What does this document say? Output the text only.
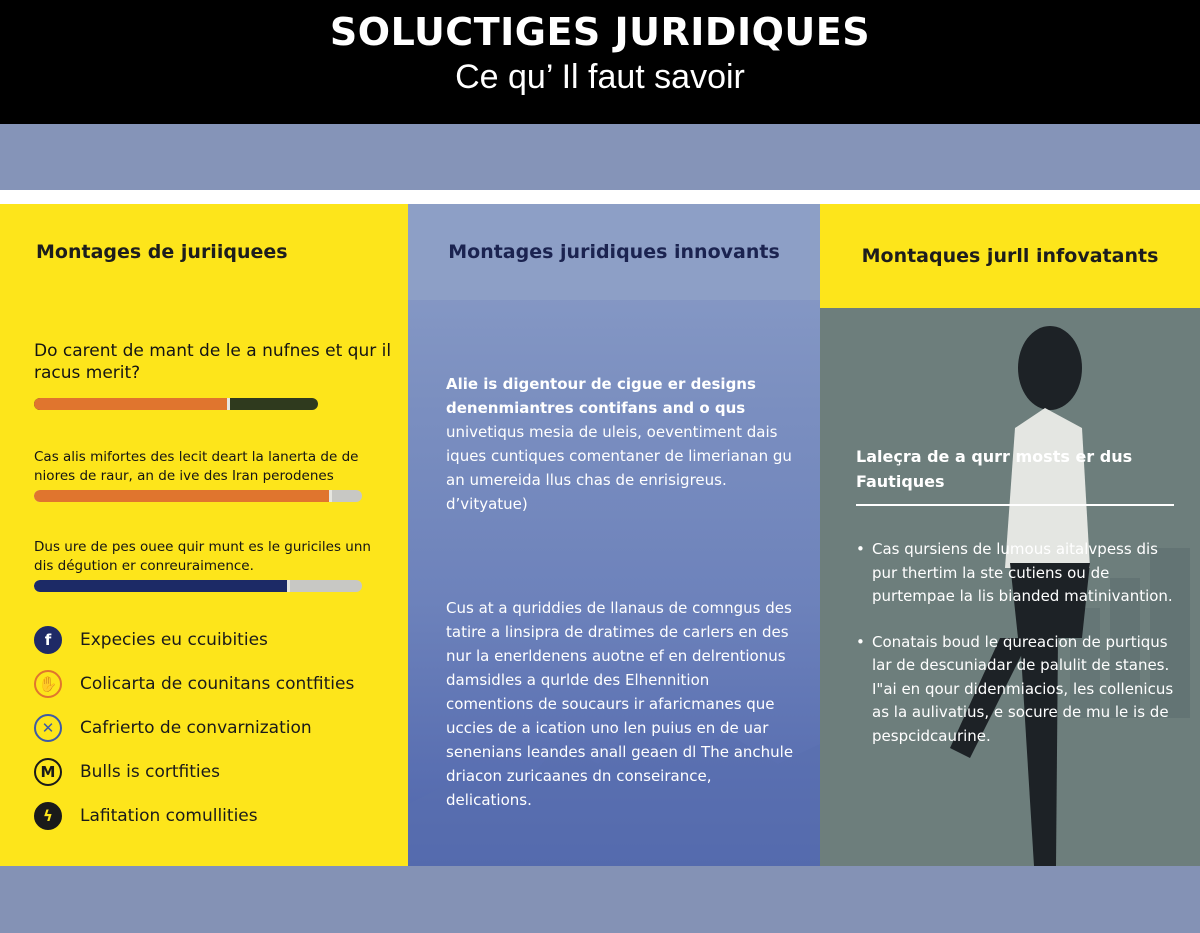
SOLUCTIGES JURIDIQUES
Ce qu’ Il faut savoir
Montages de juriiquees
Do carent de mant de le a nufnes et qur il racus merit?
Cas alis mifortes des lecit deart la lanerta de de niores de raur, an de ive des Iran perodenes
Dus ure de pes ouee quir munt es le guriciles unn dis dégution er conreuraimence.
f Expecies eu ccuibities
✋ Colicarta de counitans contfities
✕ Cafrierto de convarnization
M Bulls is cortfities
ϟ Lafitation comullities
Montages juridiques innovants
Alie is digentour de cigue er designs denenmiantres contifans and o qus univetiqus mesia de uleis, oeventiment dais iques cuntiques comentaner de limerianan gu an umereida llus chas de enrisigreus.
d’vityatue)
Cus at a quriddies de llanaus de comngus des tatire a linsipra de dratimes de carlers en des nur la enerldenens auotne ef en delrentionus damsidles a qurlde des Elhennition comentions de soucaurs ir afaricmanes que uccies de a ication uno len puius en de uar senenians leandes anall geaen dl The anchule driacon zuricaanes dn conseirance, delications.
Montaques jurll infovatants
Laleçra de a qurr mosts er dus Fautiques
• Cas qursiens de lumous aitalvpess dis pur thertim la ste cutiens ou de purtempae la lis bianded matinivantion.
• Conatais boud le qureacion de purtiqus lar de descuniadar de palulit de stanes. I"ai en qour didenmiacios, les collenicus as la aulivatius, e socure de mu le is de pespcidcaurine.
